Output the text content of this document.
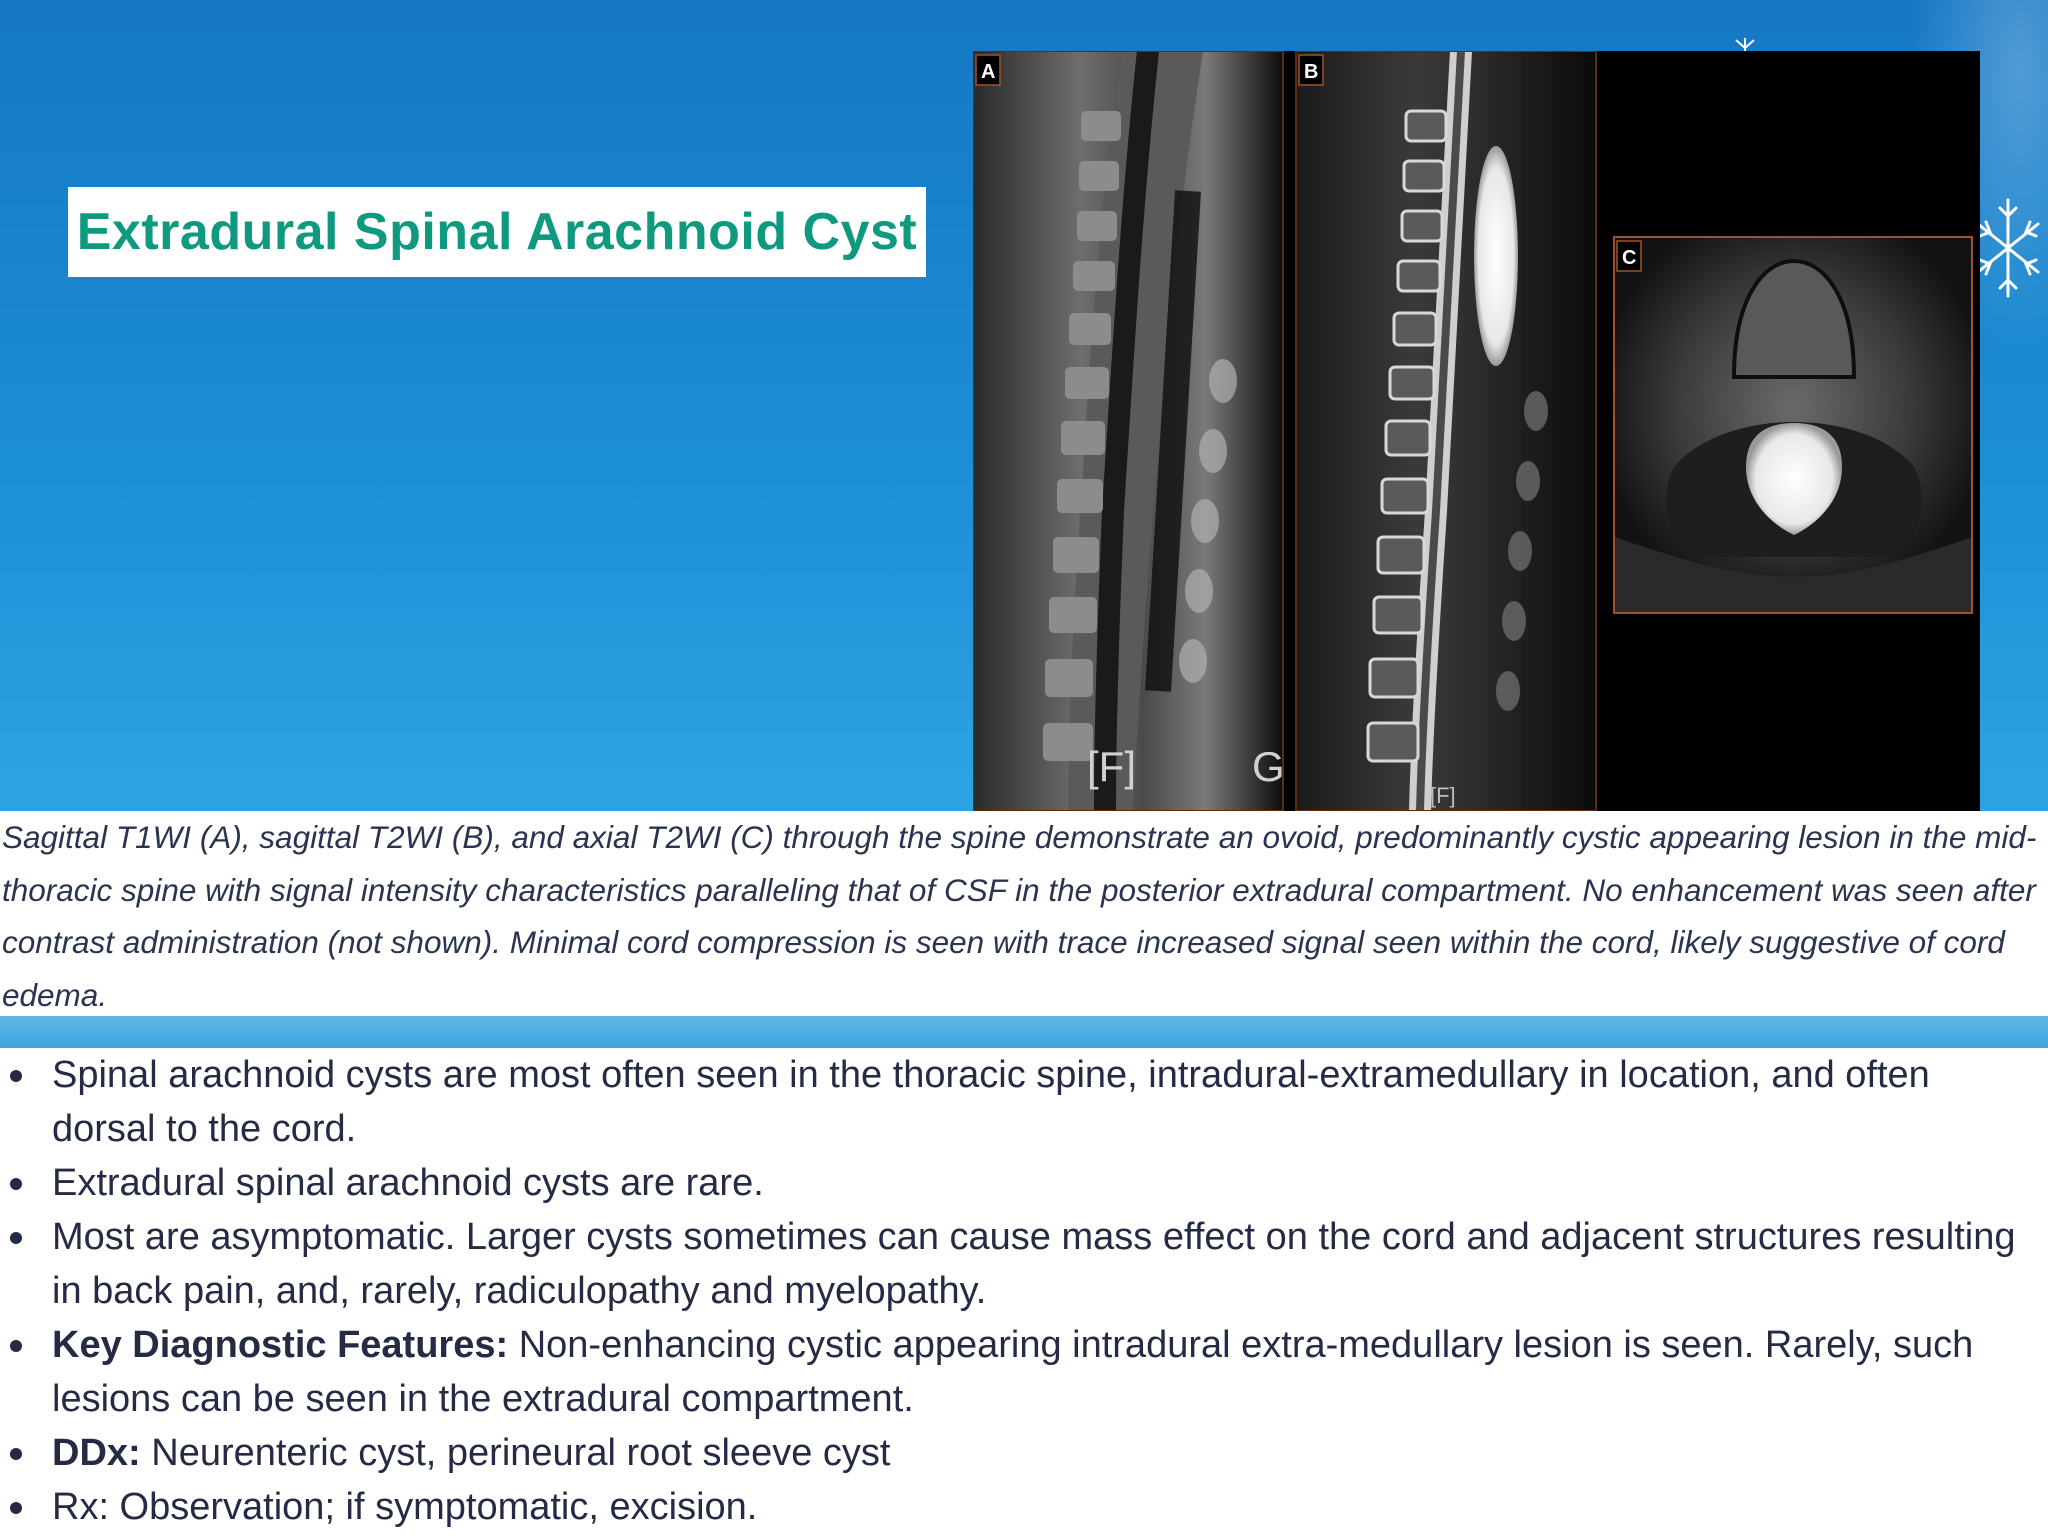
Extradural Spinal Arachnoid Cyst
A
[F]	G
B
[F]
C

Sagittal T1WI (A), sagittal T2WI (B), and axial T2WI (C) through the spine demonstrate an ovoid, predominantly cystic appearing lesion in the mid-thoracic spine with signal intensity characteristics paralleling that of CSF in the posterior extradural compartment. No enhancement was seen after contrast administration (not shown). Minimal cord compression is seen with trace increased signal seen within the cord, likely suggestive of cord edema.

Spinal arachnoid cysts are most often seen in the thoracic spine, intradural-extramedullary in location, and often dorsal to the cord.
Extradural spinal arachnoid cysts are rare.
Most are asymptomatic. Larger cysts sometimes can cause mass effect on the cord and adjacent structures resulting in back pain, and, rarely, radiculopathy and myelopathy.
Key Diagnostic Features: Non-enhancing cystic appearing intradural extra-medullary lesion is seen. Rarely, such lesions can be seen in the extradural compartment.
DDx: Neurenteric cyst, perineural root sleeve cyst
Rx: Observation; if symptomatic, excision.
